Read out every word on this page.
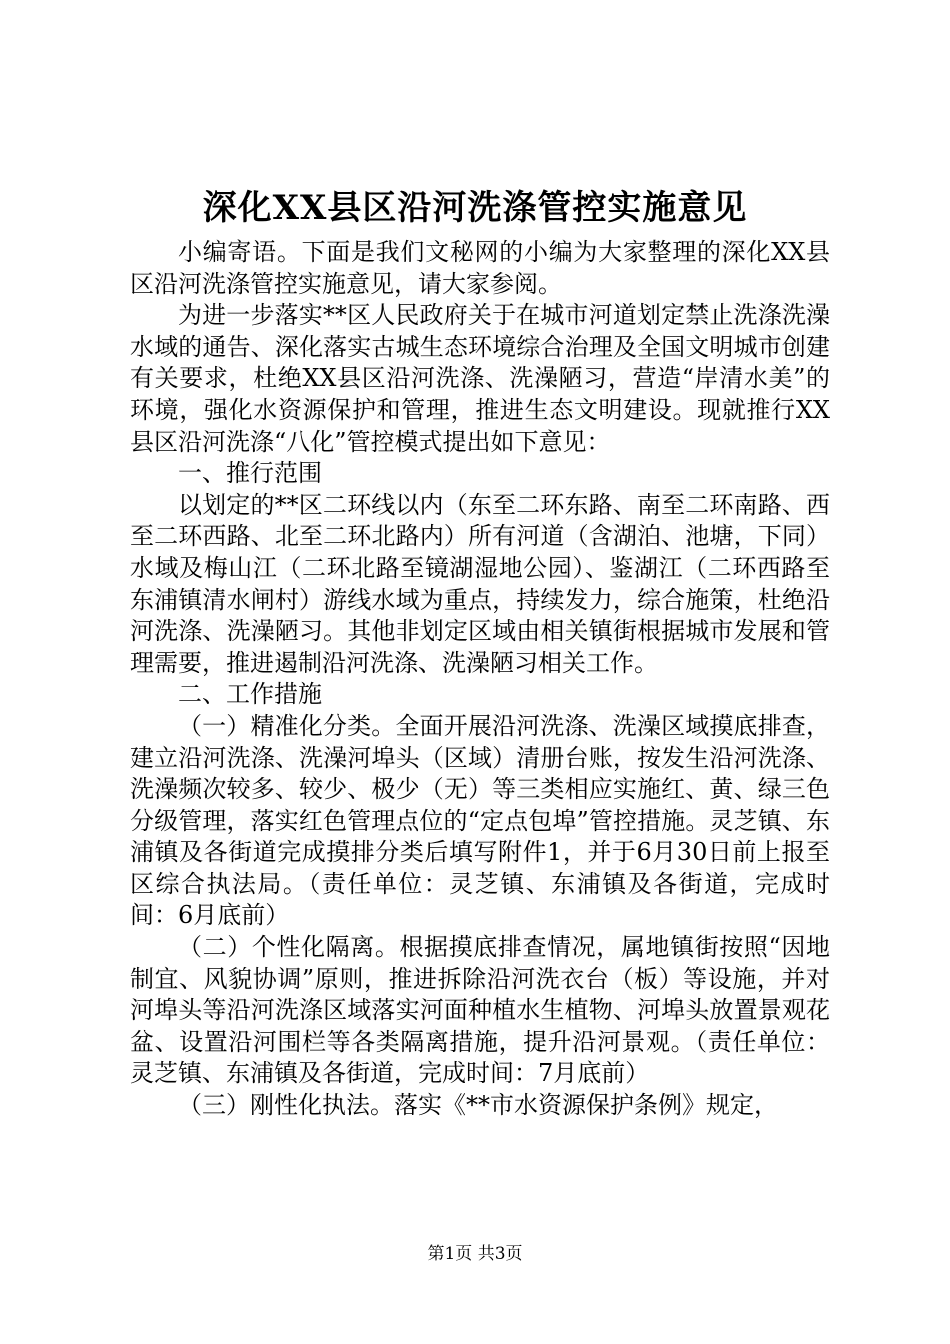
深化XX县区沿河洗涤管控实施意见

小编寄语。下面是我们文秘网的小编为大家整理的深化XX县区沿河洗涤管控实施意见，请大家参阅。

为进一步落实**区人民政府关于在城市河道划定禁止洗涤洗澡水域的通告、深化落实古城生态环境综合治理及全国文明城市创建有关要求，杜绝XX县区沿河洗涤、洗澡陋习，营造“岸清水美”的环境，强化水资源保护和管理，推进生态文明建设。现就推行XX县区沿河洗涤“八化”管控模式提出如下意见：

一、推行范围

以划定的**区二环线以内（东至二环东路、南至二环南路、西至二环西路、北至二环北路内）所有河道（含湖泊、池塘，下同）水域及梅山江（二环北路至镜湖湿地公园）、鉴湖江（二环西路至东浦镇清水闸村）游线水域为重点，持续发力，综合施策，杜绝沿河洗涤、洗澡陋习。其他非划定区域由相关镇街根据城市发展和管理需要，推进遏制沿河洗涤、洗澡陋习相关工作。

二、工作措施

（一）精准化分类。全面开展沿河洗涤、洗澡区域摸底排查，建立沿河洗涤、洗澡河埠头（区域）清册台账，按发生沿河洗涤、洗澡频次较多、较少、极少（无）等三类相应实施红、黄、绿三色分级管理，落实红色管理点位的“定点包埠”管控措施。灵芝镇、东浦镇及各街道完成摸排分类后填写附件1，并于6月30日前上报至区综合执法局。（责任单位：灵芝镇、东浦镇及各街道，完成时间：6月底前）

（二）个性化隔离。根据摸底排查情况，属地镇街按照“因地制宜、风貌协调”原则，推进拆除沿河洗衣台（板）等设施，并对河埠头等沿河洗涤区域落实河面种植水生植物、河埠头放置景观花盆、设置沿河围栏等各类隔离措施，提升沿河景观。（责任单位：灵芝镇、东浦镇及各街道，完成时间：7月底前）

（三）刚性化执法。落实《**市水资源保护条例》规定，

第1页 共3页
